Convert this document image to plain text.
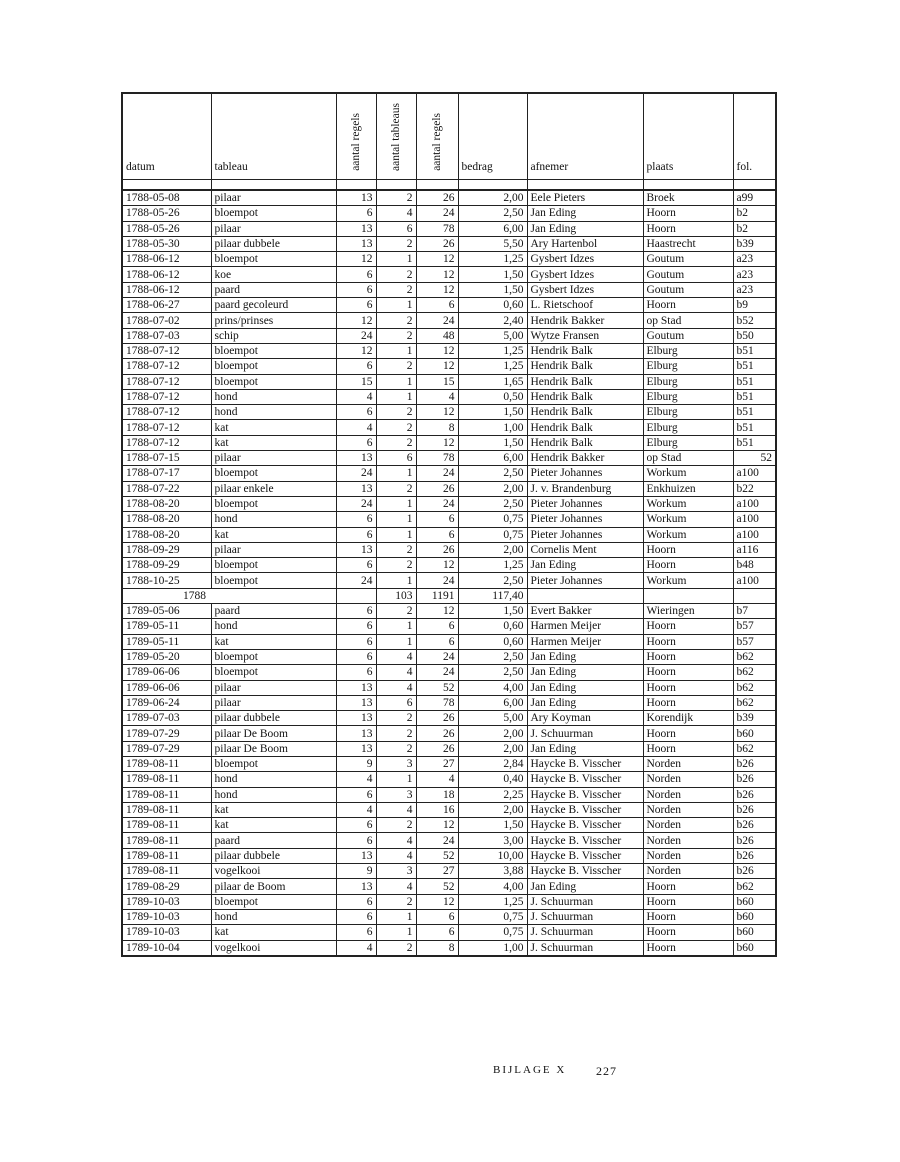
datum	tableau	aantal regels	aantal tableaus	aantal regels	bedrag	afnemer	plaats	fol.

1788-05-08	pilaar	13	2	26	2,00	Eele Pieters	Broek	a99
1788-05-26	bloempot	6	4	24	2,50	Jan Eding	Hoorn	b2
1788-05-26	pilaar	13	6	78	6,00	Jan Eding	Hoorn	b2
1788-05-30	pilaar dubbele	13	2	26	5,50	Ary Hartenbol	Haastrecht	b39
1788-06-12	bloempot	12	1	12	1,25	Gysbert Idzes	Goutum	a23
1788-06-12	koe	6	2	12	1,50	Gysbert Idzes	Goutum	a23
1788-06-12	paard	6	2	12	1,50	Gysbert Idzes	Goutum	a23
1788-06-27	paard gecoleurd	6	1	6	0,60	L. Rietschoof	Hoorn	b9
1788-07-02	prins/prinses	12	2	24	2,40	Hendrik Bakker	op Stad	b52
1788-07-03	schip	24	2	48	5,00	Wytze Fransen	Goutum	b50
1788-07-12	bloempot	12	1	12	1,25	Hendrik Balk	Elburg	b51
1788-07-12	bloempot	6	2	12	1,25	Hendrik Balk	Elburg	b51
1788-07-12	bloempot	15	1	15	1,65	Hendrik Balk	Elburg	b51
1788-07-12	hond	4	1	4	0,50	Hendrik Balk	Elburg	b51
1788-07-12	hond	6	2	12	1,50	Hendrik Balk	Elburg	b51
1788-07-12	kat	4	2	8	1,00	Hendrik Balk	Elburg	b51
1788-07-12	kat	6	2	12	1,50	Hendrik Balk	Elburg	b51
1788-07-15	pilaar	13	6	78	6,00	Hendrik Bakker	op Stad	52
1788-07-17	bloempot	24	1	24	2,50	Pieter Johannes	Workum	a100
1788-07-22	pilaar enkele	13	2	26	2,00	J. v. Brandenburg	Enkhuizen	b22
1788-08-20	bloempot	24	1	24	2,50	Pieter Johannes	Workum	a100
1788-08-20	hond	6	1	6	0,75	Pieter Johannes	Workum	a100
1788-08-20	kat	6	1	6	0,75	Pieter Johannes	Workum	a100
1788-09-29	pilaar	13	2	26	2,00	Cornelis Ment	Hoorn	a116
1788-09-29	bloempot	6	2	12	1,25	Jan Eding	Hoorn	b48
1788-10-25	bloempot	24	1	24	2,50	Pieter Johannes	Workum	a100
1788			103	1191	117,40			
1789-05-06	paard	6	2	12	1,50	Evert Bakker	Wieringen	b7
1789-05-11	hond	6	1	6	0,60	Harmen Meijer	Hoorn	b57
1789-05-11	kat	6	1	6	0,60	Harmen Meijer	Hoorn	b57
1789-05-20	bloempot	6	4	24	2,50	Jan Eding	Hoorn	b62
1789-06-06	bloempot	6	4	24	2,50	Jan Eding	Hoorn	b62
1789-06-06	pilaar	13	4	52	4,00	Jan Eding	Hoorn	b62
1789-06-24	pilaar	13	6	78	6,00	Jan Eding	Hoorn	b62
1789-07-03	pilaar dubbele	13	2	26	5,00	Ary Koyman	Korendijk	b39
1789-07-29	pilaar De Boom	13	2	26	2,00	J. Schuurman	Hoorn	b60
1789-07-29	pilaar De Boom	13	2	26	2,00	Jan Eding	Hoorn	b62
1789-08-11	bloempot	9	3	27	2,84	Haycke B. Visscher	Norden	b26
1789-08-11	hond	4	1	4	0,40	Haycke B. Visscher	Norden	b26
1789-08-11	hond	6	3	18	2,25	Haycke B. Visscher	Norden	b26
1789-08-11	kat	4	4	16	2,00	Haycke B. Visscher	Norden	b26
1789-08-11	kat	6	2	12	1,50	Haycke B. Visscher	Norden	b26
1789-08-11	paard	6	4	24	3,00	Haycke B. Visscher	Norden	b26
1789-08-11	pilaar dubbele	13	4	52	10,00	Haycke B. Visscher	Norden	b26
1789-08-11	vogelkooi	9	3	27	3,88	Haycke B. Visscher	Norden	b26
1789-08-29	pilaar de Boom	13	4	52	4,00	Jan Eding	Hoorn	b62
1789-10-03	bloempot	6	2	12	1,25	J. Schuurman	Hoorn	b60
1789-10-03	hond	6	1	6	0,75	J. Schuurman	Hoorn	b60
1789-10-03	kat	6	1	6	0,75	J. Schuurman	Hoorn	b60
1789-10-04	vogelkooi	4	2	8	1,00	J. Schuurman	Hoorn	b60
BIJLAGE X 227
